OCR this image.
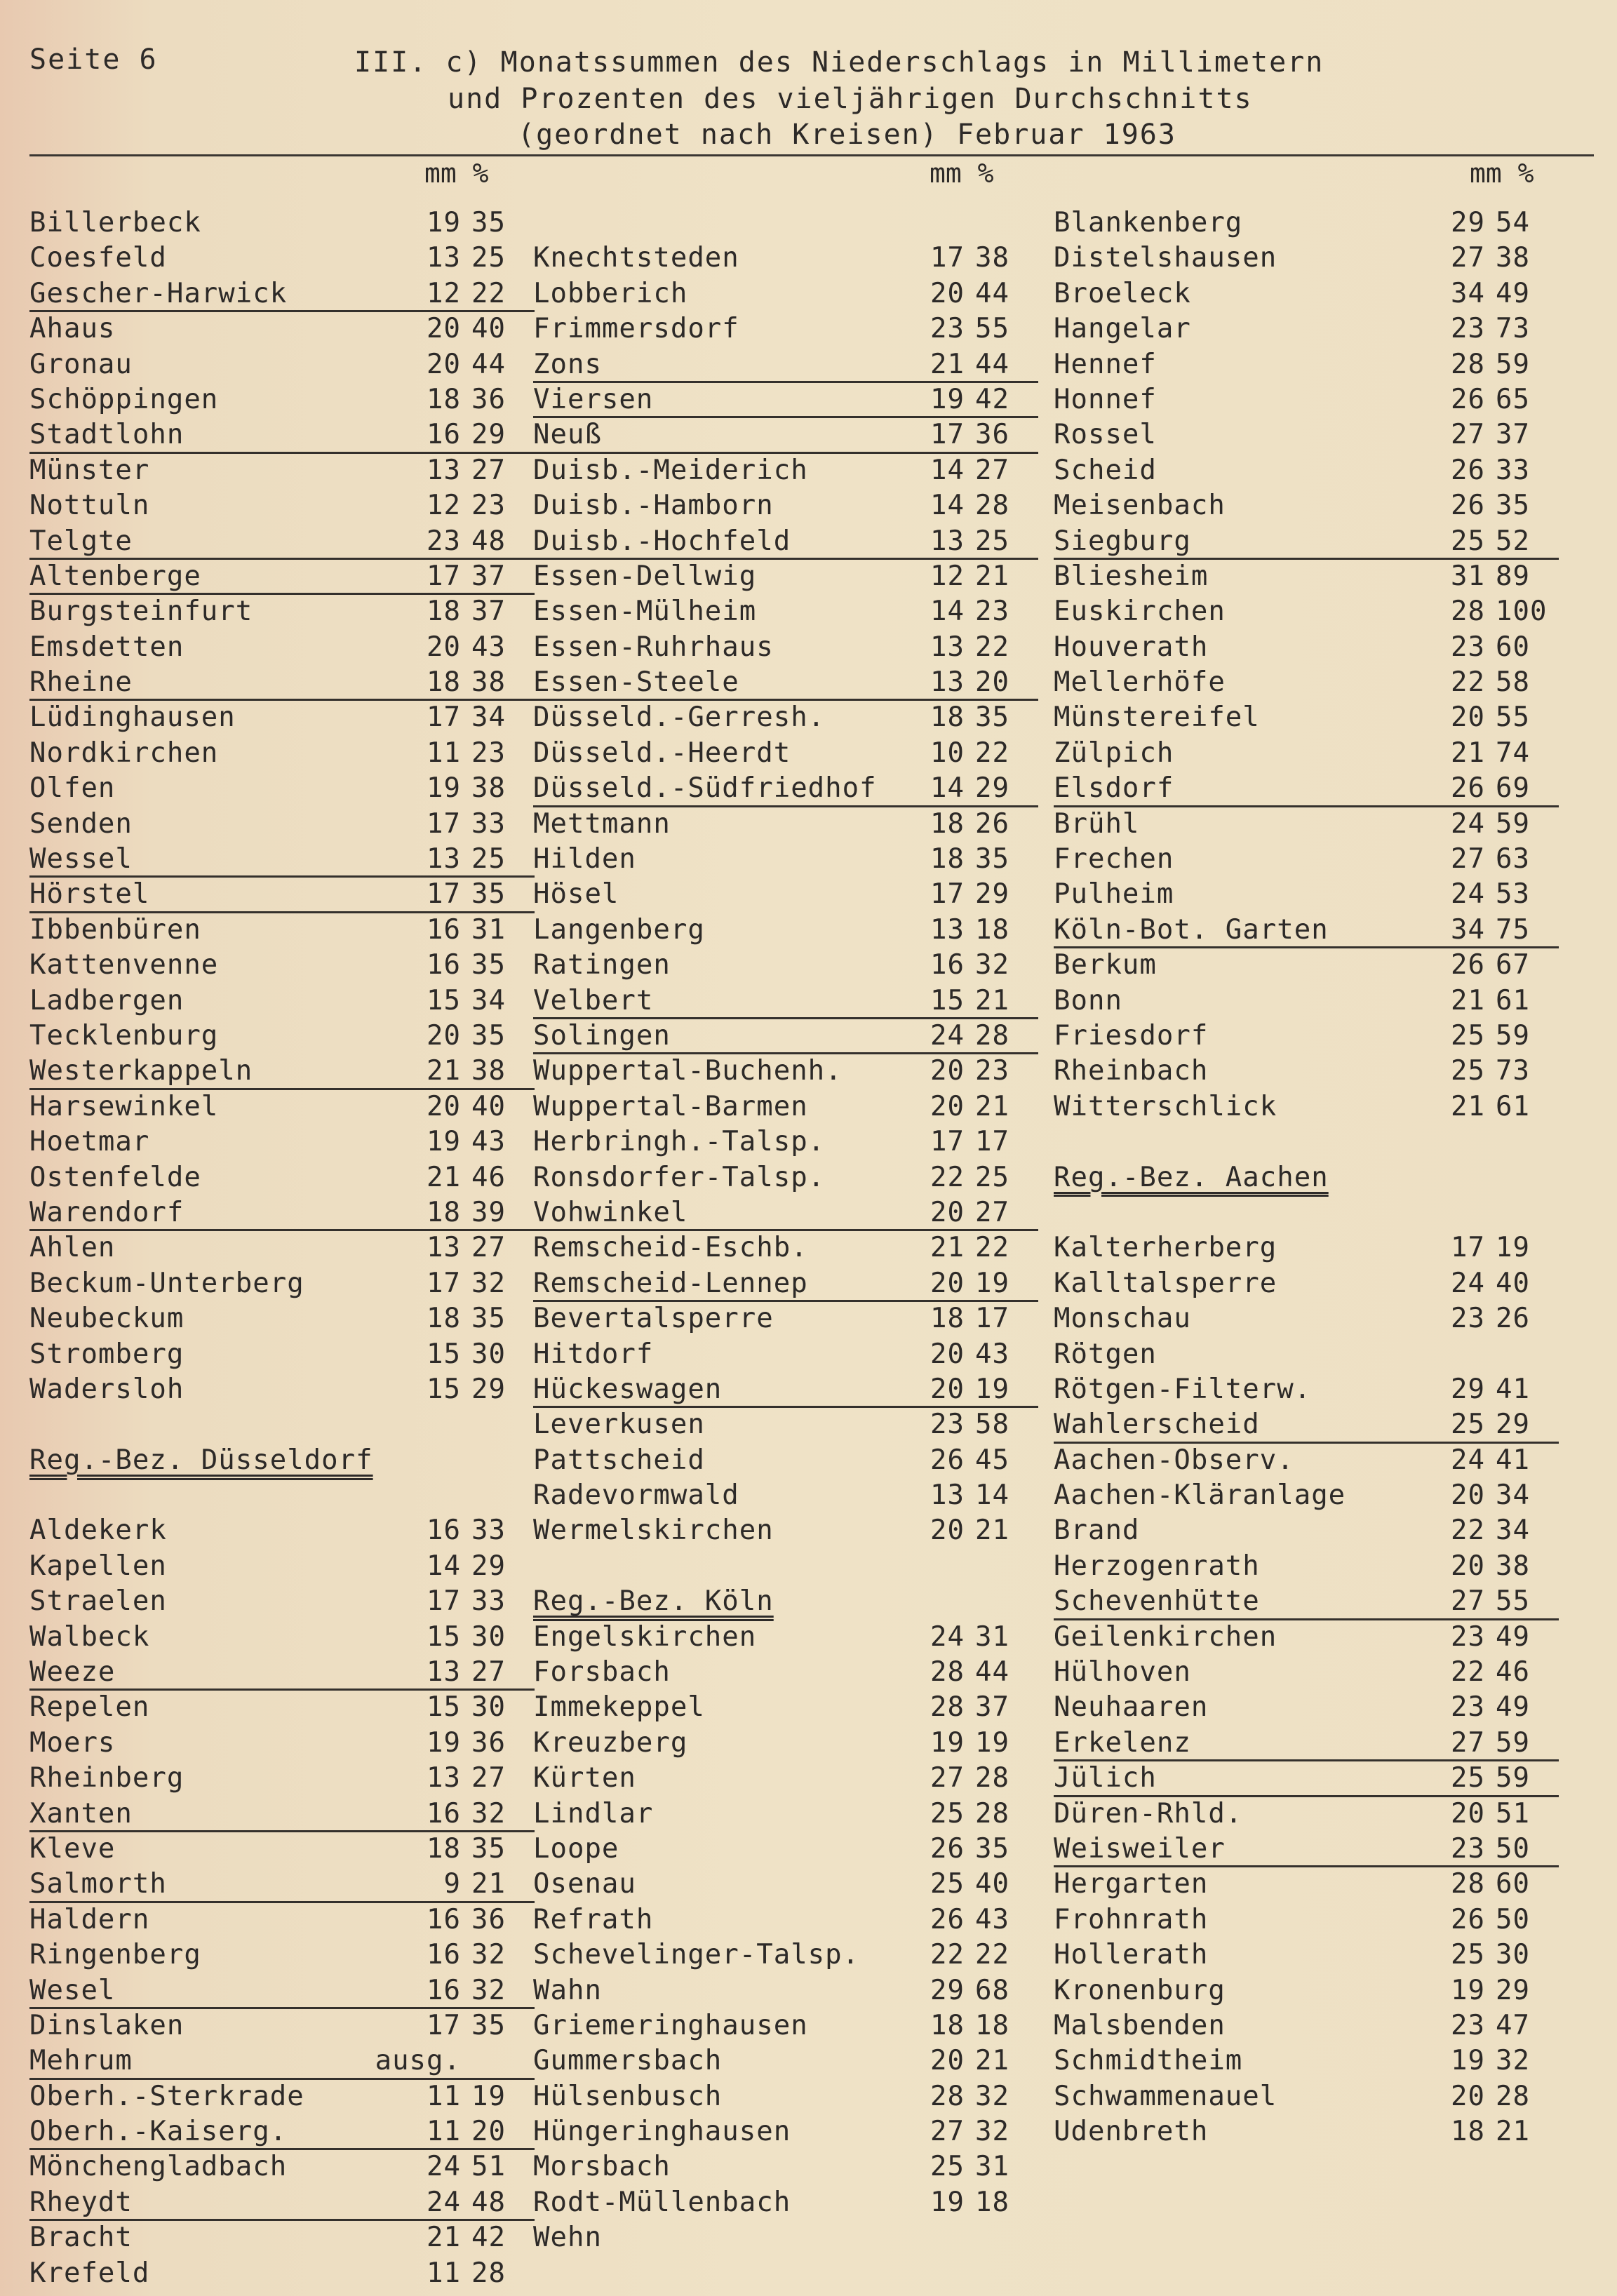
Seite 6	III. c) Monatssummen des Niederschlags in Millimetern
und Prozenten des vieljährigen Durchschnitts
(geordnet nach Kreisen) Februar 1963
mm %	mm %	mm %
Billerbeck	19 35
Coesfeld	13 25
Gescher-Harwick	12 22
Ahaus	20 40
Gronau	20 44
Schöppingen	18 36
Stadtlohn	16 29
Münster	13 27
Nottuln	12 23
Telgte	23 48
Altenberge	17 37
Burgsteinfurt	18 37
Emsdetten	20 43
Rheine	18 38
Lüdinghausen	17 34
Nordkirchen	11 23
Olfen	19 38
Senden	17 33
Wessel	13 25
Hörstel	17 35
Ibbenbüren	16 31
Kattenvenne	16 35
Ladbergen	15 34
Tecklenburg	20 35
Westerkappeln	21 38
Harsewinkel	20 40
Hoetmar	19 43
Ostenfelde	21 46
Warendorf	18 39
Ahlen	13 27
Beckum-Unterberg	17 32
Neubeckum	18 35
Stromberg	15 30
Wadersloh	15 29
Reg.-Bez. Düsseldorf
Aldekerk	16 33
Kapellen	14 29
Straelen	17 33
Walbeck	15 30
Weeze	13 27
Repelen	15 30
Moers	19 36
Rheinberg	13 27
Xanten	16 32
Kleve	18 35
Salmorth	9 21
Haldern	16 36
Ringenberg	16 32
Wesel	16 32
Dinslaken	17 35
Mehrum	ausg.
Oberh.-Sterkrade	11 19
Oberh.-Kaiserg.	11 20
Mönchengladbach	24 51
Rheydt	24 48
Bracht	21 42
Krefeld	11 28
Knechtsteden	17 38
Lobberich	20 44
Frimmersdorf	23 55
Zons	21 44
Viersen	19 42
Neuß	17 36
Duisb.-Meiderich	14 27
Duisb.-Hamborn	14 28
Duisb.-Hochfeld	13 25
Essen-Dellwig	12 21
Essen-Mülheim	14 23
Essen-Ruhrhaus	13 22
Essen-Steele	13 20
Düsseld.-Gerresh.	18 35
Düsseld.-Heerdt	10 22
Düsseld.-Südfriedhof 14 29
Mettmann	18 26
Hilden	18 35
Hösel	17 29
Langenberg	13 18
Ratingen	16 32
Velbert	15 21
Solingen	24 28
Wuppertal-Buchenh.	20 23
Wuppertal-Barmen	20 21
Herbringh.-Talsp.	17 17
Ronsdorfer-Talsp.	22 25
Vohwinkel	20 27
Remscheid-Eschb.	21 22
Remscheid-Lennep	20 19
Bevertalsperre	18 17
Hitdorf	20 43
Hückeswagen	20 19
Leverkusen	23 58
Pattscheid	26 45
Radevormwald	13 14
Wermelskirchen	20 21
Reg.-Bez. Köln
Engelskirchen	24 31
Forsbach	28 44
Immekeppel	28 37
Kreuzberg	19 19
Kürten	27 28
Lindlar	25 28
Loope	26 35
Osenau	25 40
Refrath	26 43
Schevelinger-Talsp.	22 22
Wahn	29 68
Griemeringhausen	18 18
Gummersbach	20 21
Hülsenbusch	28 32
Hüngeringhausen	27 32
Morsbach	25 31
Rodt-Müllenbach	19 18
Wehn
Blankenberg	29 54
Distelshausen	27 38
Broeleck	34 49
Hangelar	23 73
Hennef	28 59
Honnef	26 65
Rossel	27 37
Scheid	26 33
Meisenbach	26 35
Siegburg	25 52
Bliesheim	31 89
Euskirchen	28 100
Houverath	23 60
Mellerhöfe	22 58
Münstereifel	20 55
Zülpich	21 74
Elsdorf	26 69
Brühl	24 59
Frechen	27 63
Pulheim	24 53
Köln-Bot. Garten	34 75
Berkum	26 67
Bonn	21 61
Friesdorf	25 59
Rheinbach	25 73
Witterschlick	21 61
Reg.-Bez. Aachen
Kalterherberg	17 19
Kalltalsperre	24 40
Monschau	23 26
Rötgen
Rötgen-Filterw.	29 41
Wahlerscheid	25 29
Aachen-Observ.	24 41
Aachen-Kläranlage	20 34
Brand	22 34
Herzogenrath	20 38
Schevenhütte	27 55
Geilenkirchen	23 49
Hülhoven	22 46
Neuhaaren	23 49
Erkelenz	27 59
Jülich	25 59
Düren-Rhld.	20 51
Weisweiler	23 50
Hergarten	28 60
Frohnrath	26 50
Hollerath	25 30
Kronenburg	19 29
Malsbenden	23 47
Schmidtheim	19 32
Schwammenauel	20 28
Udenbreth	18 21
